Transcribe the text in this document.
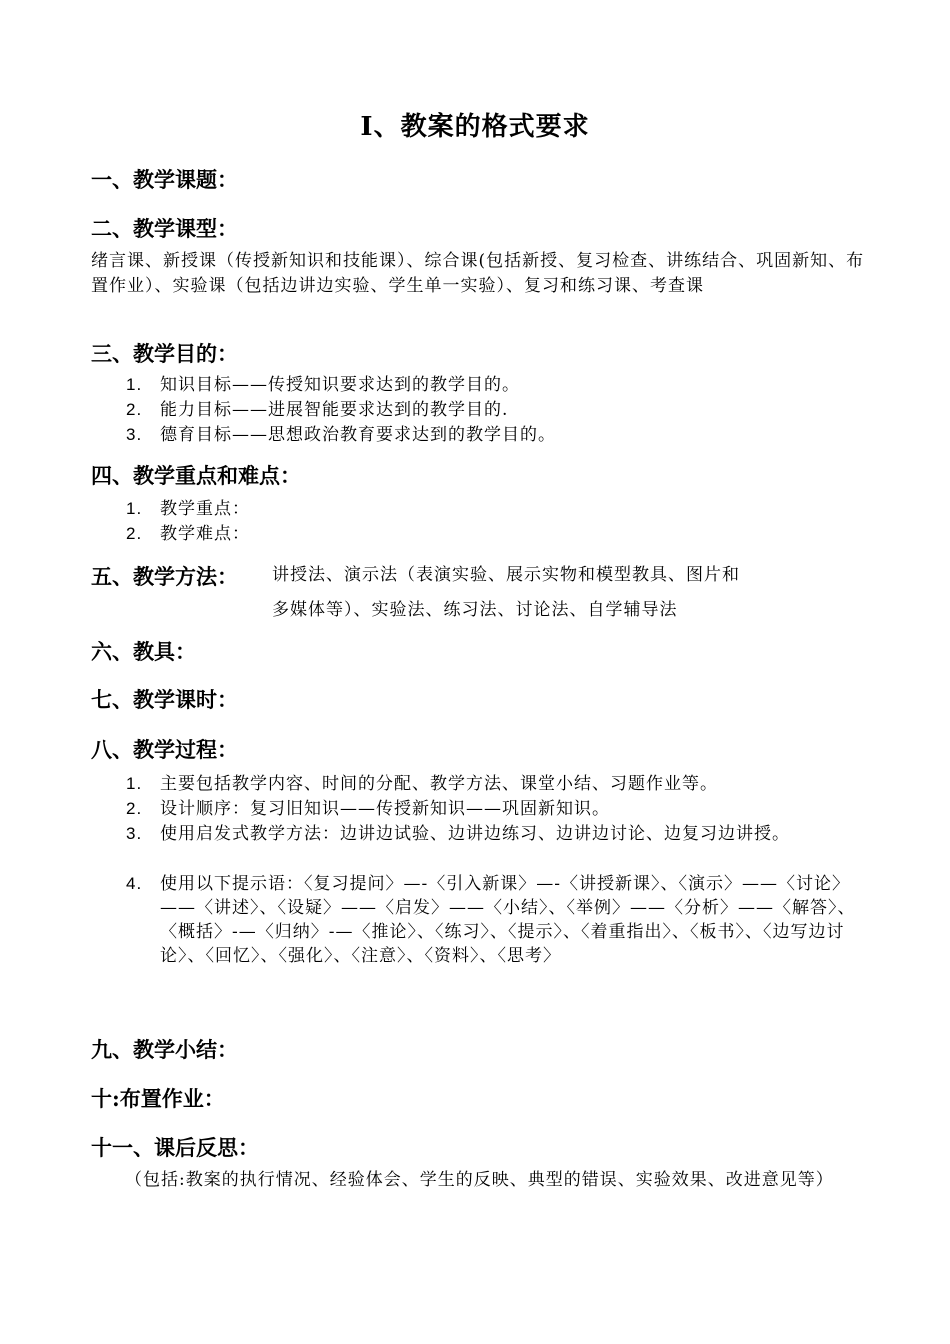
Ⅰ、教案的格式要求
一、教学课题：
二、教学课型：
绪言课、新授课（传授新知识和技能课）、综合课(包括新授、复习检查、讲练结合、巩固新知、布置作业）、实验课（包括边讲边实验、学生单一实验）、复习和练习课、考查课
三、教学目的：
1. 知识目标——传授知识要求达到的教学目的。
2. 能力目标——进展智能要求达到的教学目的.
3. 德育目标——思想政治教育要求达到的教学目的。
四、教学重点和难点：
1. 教学重点：
2. 教学难点：
五、教学方法： 讲授法、演示法（表演实验、展示实物和模型教具、图片和
多媒体等）、实验法、练习法、讨论法、自学辅导法
六、教具：
七、教学课时：
八、教学过程：
1. 主要包括教学内容、时间的分配、教学方法、课堂小结、习题作业等。
2. 设计顺序：复习旧知识——传授新知识——巩固新知识。
3. 使用启发式教学方法：边讲边试验、边讲边练习、边讲边讨论、边复习边讲授。
4. 使用以下提示语：〈复习提问〉—-〈引入新课〉—-〈讲授新课〉、〈演示〉——〈讨论〉——〈讲述〉、〈设疑〉——〈启发〉——〈小结〉、〈举例〉——〈分析〉——〈解答〉、〈概括〉-—〈归纳〉-—〈推论〉、〈练习〉、〈提示〉、〈着重指出〉、〈板书〉、〈边写边讨论〉、〈回忆〉、〈强化〉、〈注意〉、〈资料〉、〈思考〉
九、教学小结：
十:布置作业：
十一、课后反思：
（包括:教案的执行情况、经验体会、学生的反映、典型的错误、实验效果、改进意见等）
